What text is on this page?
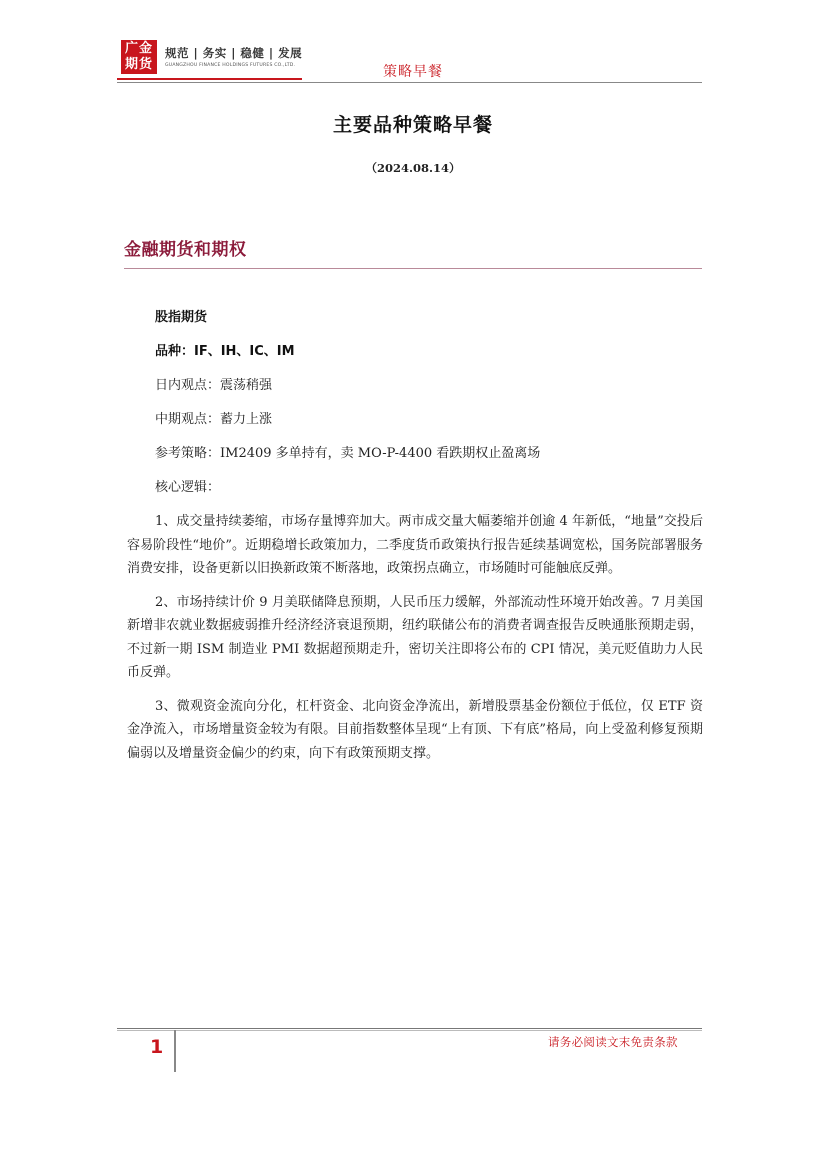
广金
期货
规范 | 务实 | 稳健 | 发展
GUANGZHOU FINANCE HOLDINGS FUTURES CO.,LTD.	策略早餐
主要品种策略早餐
（2024.08.14）
金融期货和期权

股指期货

品种：IF、IH、IC、IM

日内观点：震荡稍强

中期观点：蓄力上涨

参考策略：IM2409 多单持有，卖 MO-P-4400 看跌期权止盈离场

核心逻辑：

1、成交量持续萎缩，市场存量博弈加大。两市成交量大幅萎缩并创逾 4 年新低，“地量”交投后容易阶段性“地价”。近期稳增长政策加力，二季度货币政策执行报告延续基调宽松，国务院部署服务消费安排，设备更新以旧换新政策不断落地，政策拐点确立，市场随时可能触底反弹。

2、市场持续计价 9 月美联储降息预期，人民币压力缓解，外部流动性环境开始改善。7 月美国新增非农就业数据疲弱推升经济经济衰退预期，纽约联储公布的消费者调查报告反映通胀预期走弱，不过新一期 ISM 制造业 PMI 数据超预期走升，密切关注即将公布的 CPI 情况，美元贬值助力人民币反弹。

3、微观资金流向分化，杠杆资金、北向资金净流出，新增股票基金份额位于低位，仅 ETF 资金净流入，市场增量资金较为有限。目前指数整体呈现“上有顶、下有底”格局，向上受盈利修复预期偏弱以及增量资金偏少的约束，向下有政策预期支撑。

1	请务必阅读文末免责条款
